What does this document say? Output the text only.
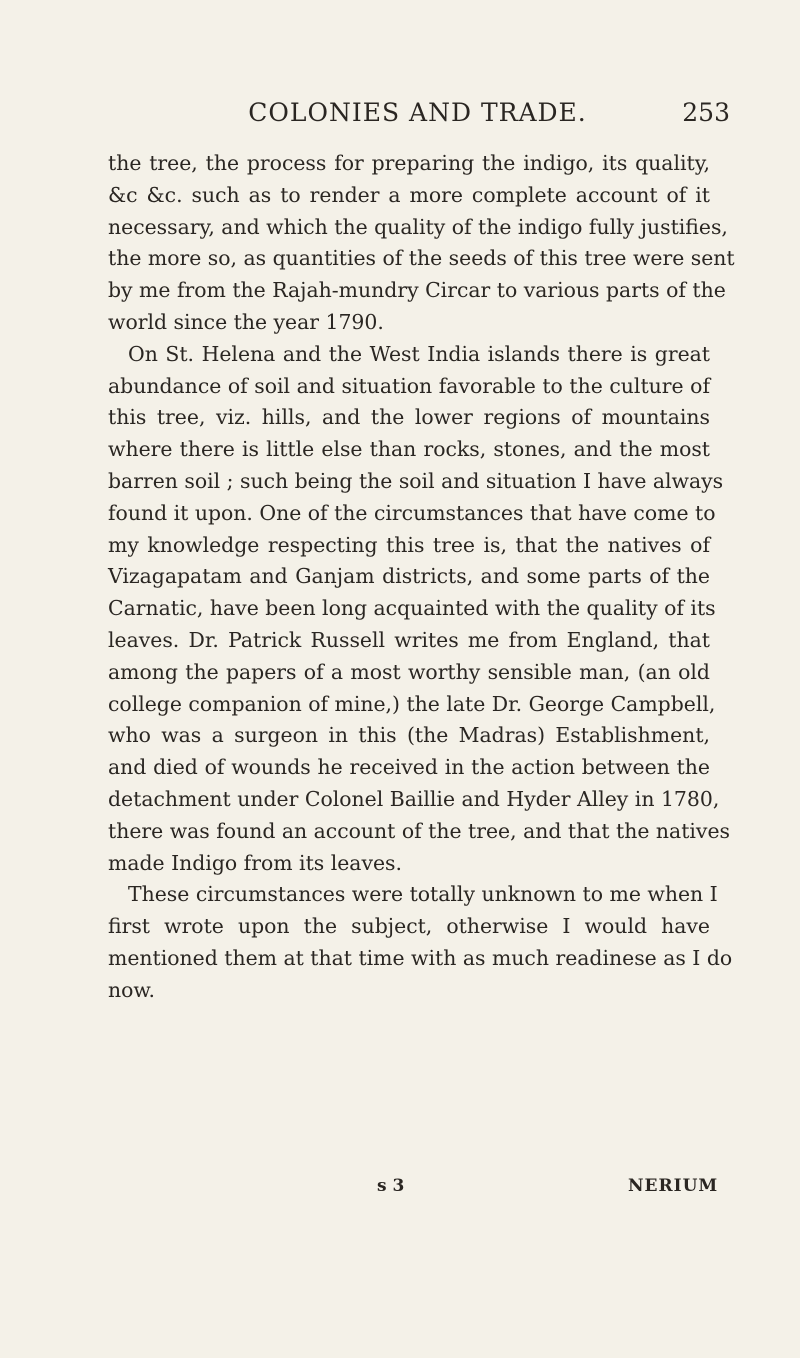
COLONIES AND TRADE.	253
the tree, the process for preparing the indigo, its quality,
&c &c. such as to render a more complete account of it
necessary, and which the quality of the indigo fully justifies,
the more so, as quantities of the seeds of this tree were sent
by me from the Rajah-mundry Circar to various parts of the
world since the year 1790.
On St. Helena and the West India islands there is great
abundance of soil and situation favorable to the culture of
this tree, viz. hills, and the lower regions of mountains
where there is little else than rocks, stones, and the most
barren soil ; such being the soil and situation I have always
found it upon. One of the circumstances that have come to
my knowledge respecting this tree is, that the natives of
Vizagapatam and Ganjam districts, and some parts of the
Carnatic, have been long acquainted with the quality of its
leaves. Dr. Patrick Russell writes me from England, that
among the papers of a most worthy sensible man, (an old
college companion of mine,) the late Dr. George Campbell,
who was a surgeon in this (the Madras) Establishment,
and died of wounds he received in the action between the
detachment under Colonel Baillie and Hyder Alley in 1780,
there was found an account of the tree, and that the natives
made Indigo from its leaves.
These circumstances were totally unknown to me when I
first wrote upon the subject, otherwise I would have
mentioned them at that time with as much readinese as I do
now.
s 3	NERIUM
